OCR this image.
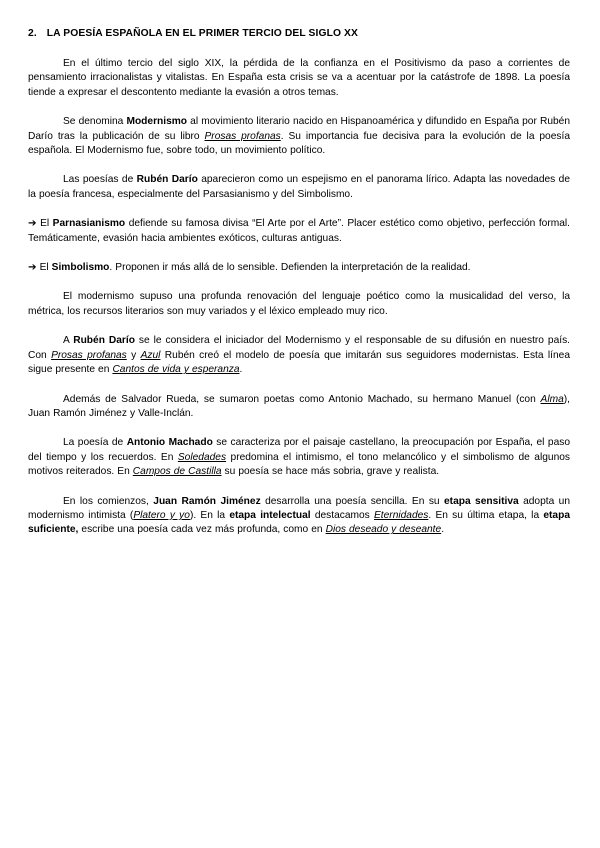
2. LA POESÍA ESPAÑOLA EN EL PRIMER TERCIO DEL SIGLO XX

En el último tercio del siglo XIX, la pérdida de la confianza en el Positivismo da paso a corrientes de pensamiento irracionalistas y vitalistas. En España esta crisis se va a acentuar por la catástrofe de 1898. La poesía tiende a expresar el descontento mediante la evasión a otros temas.

Se denomina Modernismo al movimiento literario nacido en Hispanoamérica y difundido en España por Rubén Darío tras la publicación de su libro Prosas profanas. Su importancia fue decisiva para la evolución de la poesía española. El Modernismo fue, sobre todo, un movimiento político.

Las poesías de Rubén Darío aparecieron como un espejismo en el panorama lírico. Adapta las novedades de la poesía francesa, especialmente del Parsasianismo y del Simbolismo.

➔ El Parnasianismo defiende su famosa divisa “El Arte por el Arte”. Placer estético como objetivo, perfección formal. Temáticamente, evasión hacia ambientes exóticos, culturas antiguas.

➔ El Simbolismo. Proponen ir más allá de lo sensible. Defienden la interpretación de la realidad.

El modernismo supuso una profunda renovación del lenguaje poético como la musicalidad del verso, la métrica, los recursos literarios son muy variados y el léxico empleado muy rico.

A Rubén Darío se le considera el iniciador del Modernismo y el responsable de su difusión en nuestro país. Con Prosas profanas y Azul Rubén creó el modelo de poesía que imitarán sus seguidores modernistas. Esta línea sigue presente en Cantos de vida y esperanza.

Además de Salvador Rueda, se sumaron poetas como Antonio Machado, su hermano Manuel (con Alma), Juan Ramón Jiménez y Valle-Inclán.

La poesía de Antonio Machado se caracteriza por el paisaje castellano, la preocupación por España, el paso del tiempo y los recuerdos. En Soledades predomina el intimismo, el tono melancólico y el simbolismo de algunos motivos reiterados. En Campos de Castilla su poesía se hace más sobria, grave y realista.

En los comienzos, Juan Ramón Jiménez desarrolla una poesía sencilla. En su etapa sensitiva adopta un modernismo intimista (Platero y yo). En la etapa intelectual destacamos Eternidades. En su última etapa, la etapa suficiente, escribe una poesía cada vez más profunda, como en Dios deseado y deseante.
